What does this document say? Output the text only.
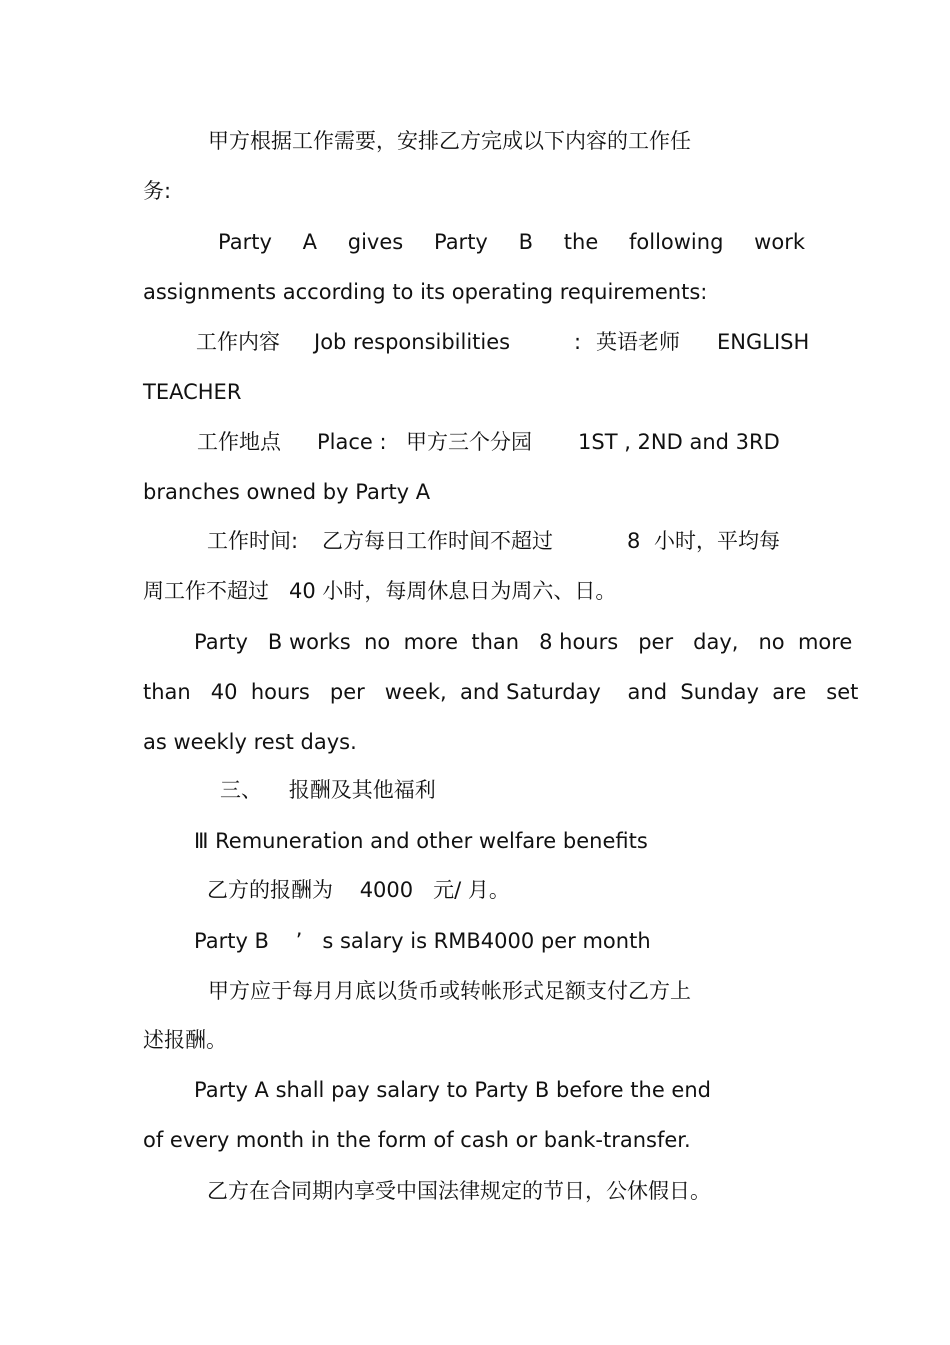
甲方根据工作需要，安排乙方完成以下内容的工作任
务:
Party A gives Party B the following work
assignments according to its operating requirements:
工作内容 Job responsibilities	: 英语老师 ENGLISH
TEACHER
工作地点 Place : 甲方三个分园 1ST , 2ND and 3RD
branches owned by Party A
工作时间: 乙方每日工作时间不超过	8 小时，平均每
周工作不超过   40 小时，每周休息日为周六、日。
Party   B works  no  more  than   8 hours   per   day,   no  more
than   40  hours   per   week,  and Saturday    and  Sunday  are   set
as weekly rest days.
三、    报酬及其他福利
Ⅲ Remuneration and other welfare benefits
乙方的报酬为    4000   元/ 月。
Party B    ’   s salary is RMB4000 per month
甲方应于每月月底以货币或转帐形式足额支付乙方上
述报酬。
Party A shall pay salary to Party B before the end
of every month in the form of cash or bank-transfer.
乙方在合同期内享受中国法律规定的节日，公休假日。
